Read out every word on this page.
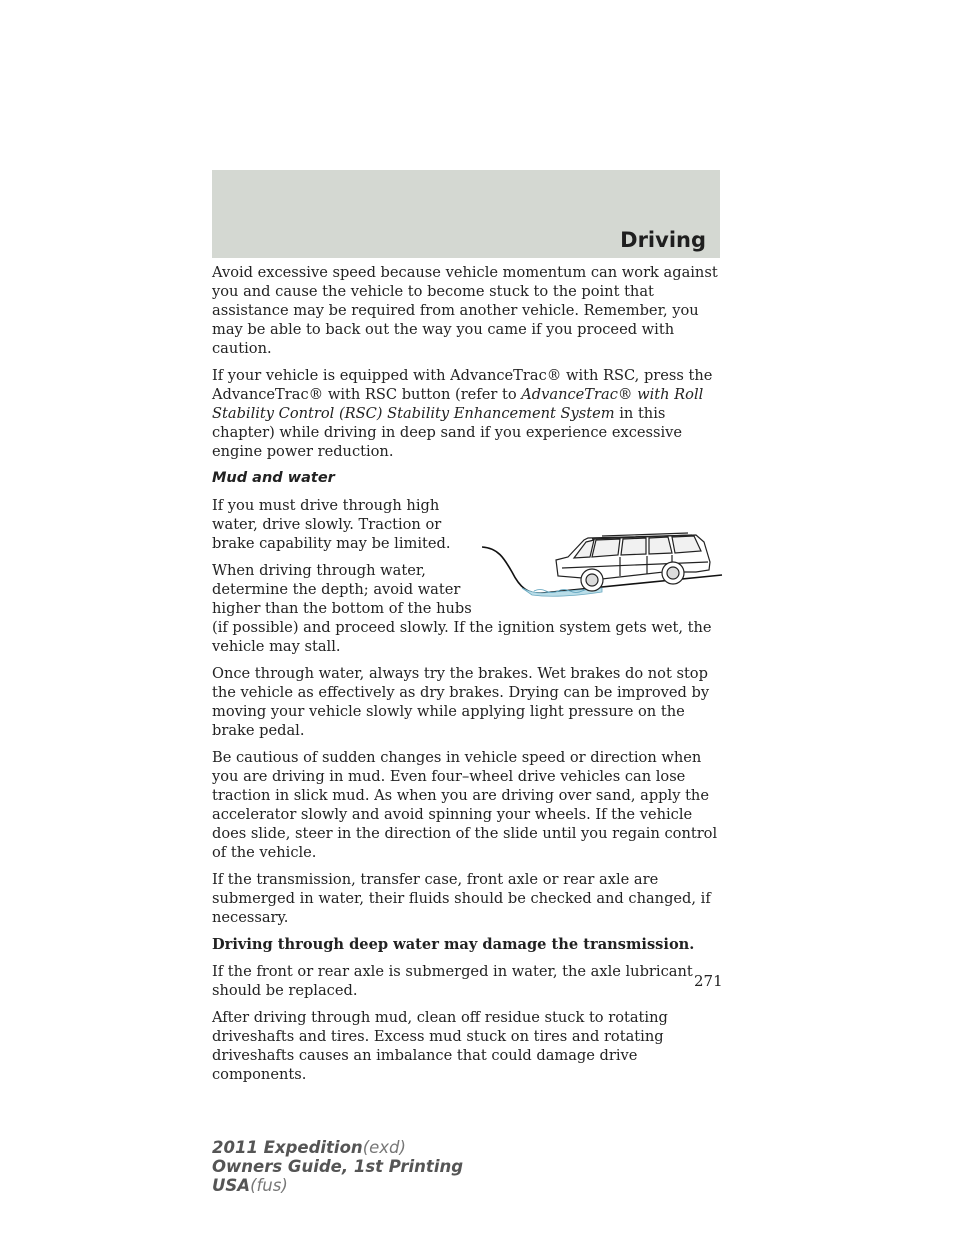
Driving

Avoid excessive speed because vehicle momentum can work against you and cause the vehicle to become stuck to the point that assistance may be required from another vehicle. Remember, you may be able to back out the way you came if you proceed with caution.

If your vehicle is equipped with AdvanceTrac® with RSC, press the AdvanceTrac® with RSC button (refer to AdvanceTrac® with Roll Stability Control (RSC) Stability Enhancement System in this chapter) while driving in deep sand if you experience excessive engine power reduction.

Mud and water

If you must drive through high water, drive slowly. Traction or brake capability may be limited.

When driving through water, determine the depth; avoid water higher than the bottom of the hubs (if possible) and proceed slowly. If the ignition system gets wet, the vehicle may stall.

Once through water, always try the brakes. Wet brakes do not stop the vehicle as effectively as dry brakes. Drying can be improved by moving your vehicle slowly while applying light pressure on the brake pedal.

Be cautious of sudden changes in vehicle speed or direction when you are driving in mud. Even four–wheel drive vehicles can lose traction in slick mud. As when you are driving over sand, apply the accelerator slowly and avoid spinning your wheels. If the vehicle does slide, steer in the direction of the slide until you regain control of the vehicle.

If the transmission, transfer case, front axle or rear axle are submerged in water, their fluids should be checked and changed, if necessary.

Driving through deep water may damage the transmission.

If the front or rear axle is submerged in water, the axle lubricant should be replaced.

After driving through mud, clean off residue stuck to rotating driveshafts and tires. Excess mud stuck on tires and rotating driveshafts causes an imbalance that could damage drive components.

271
2011 Expedition(exd)
Owners Guide, 1st Printing
USA(fus)
